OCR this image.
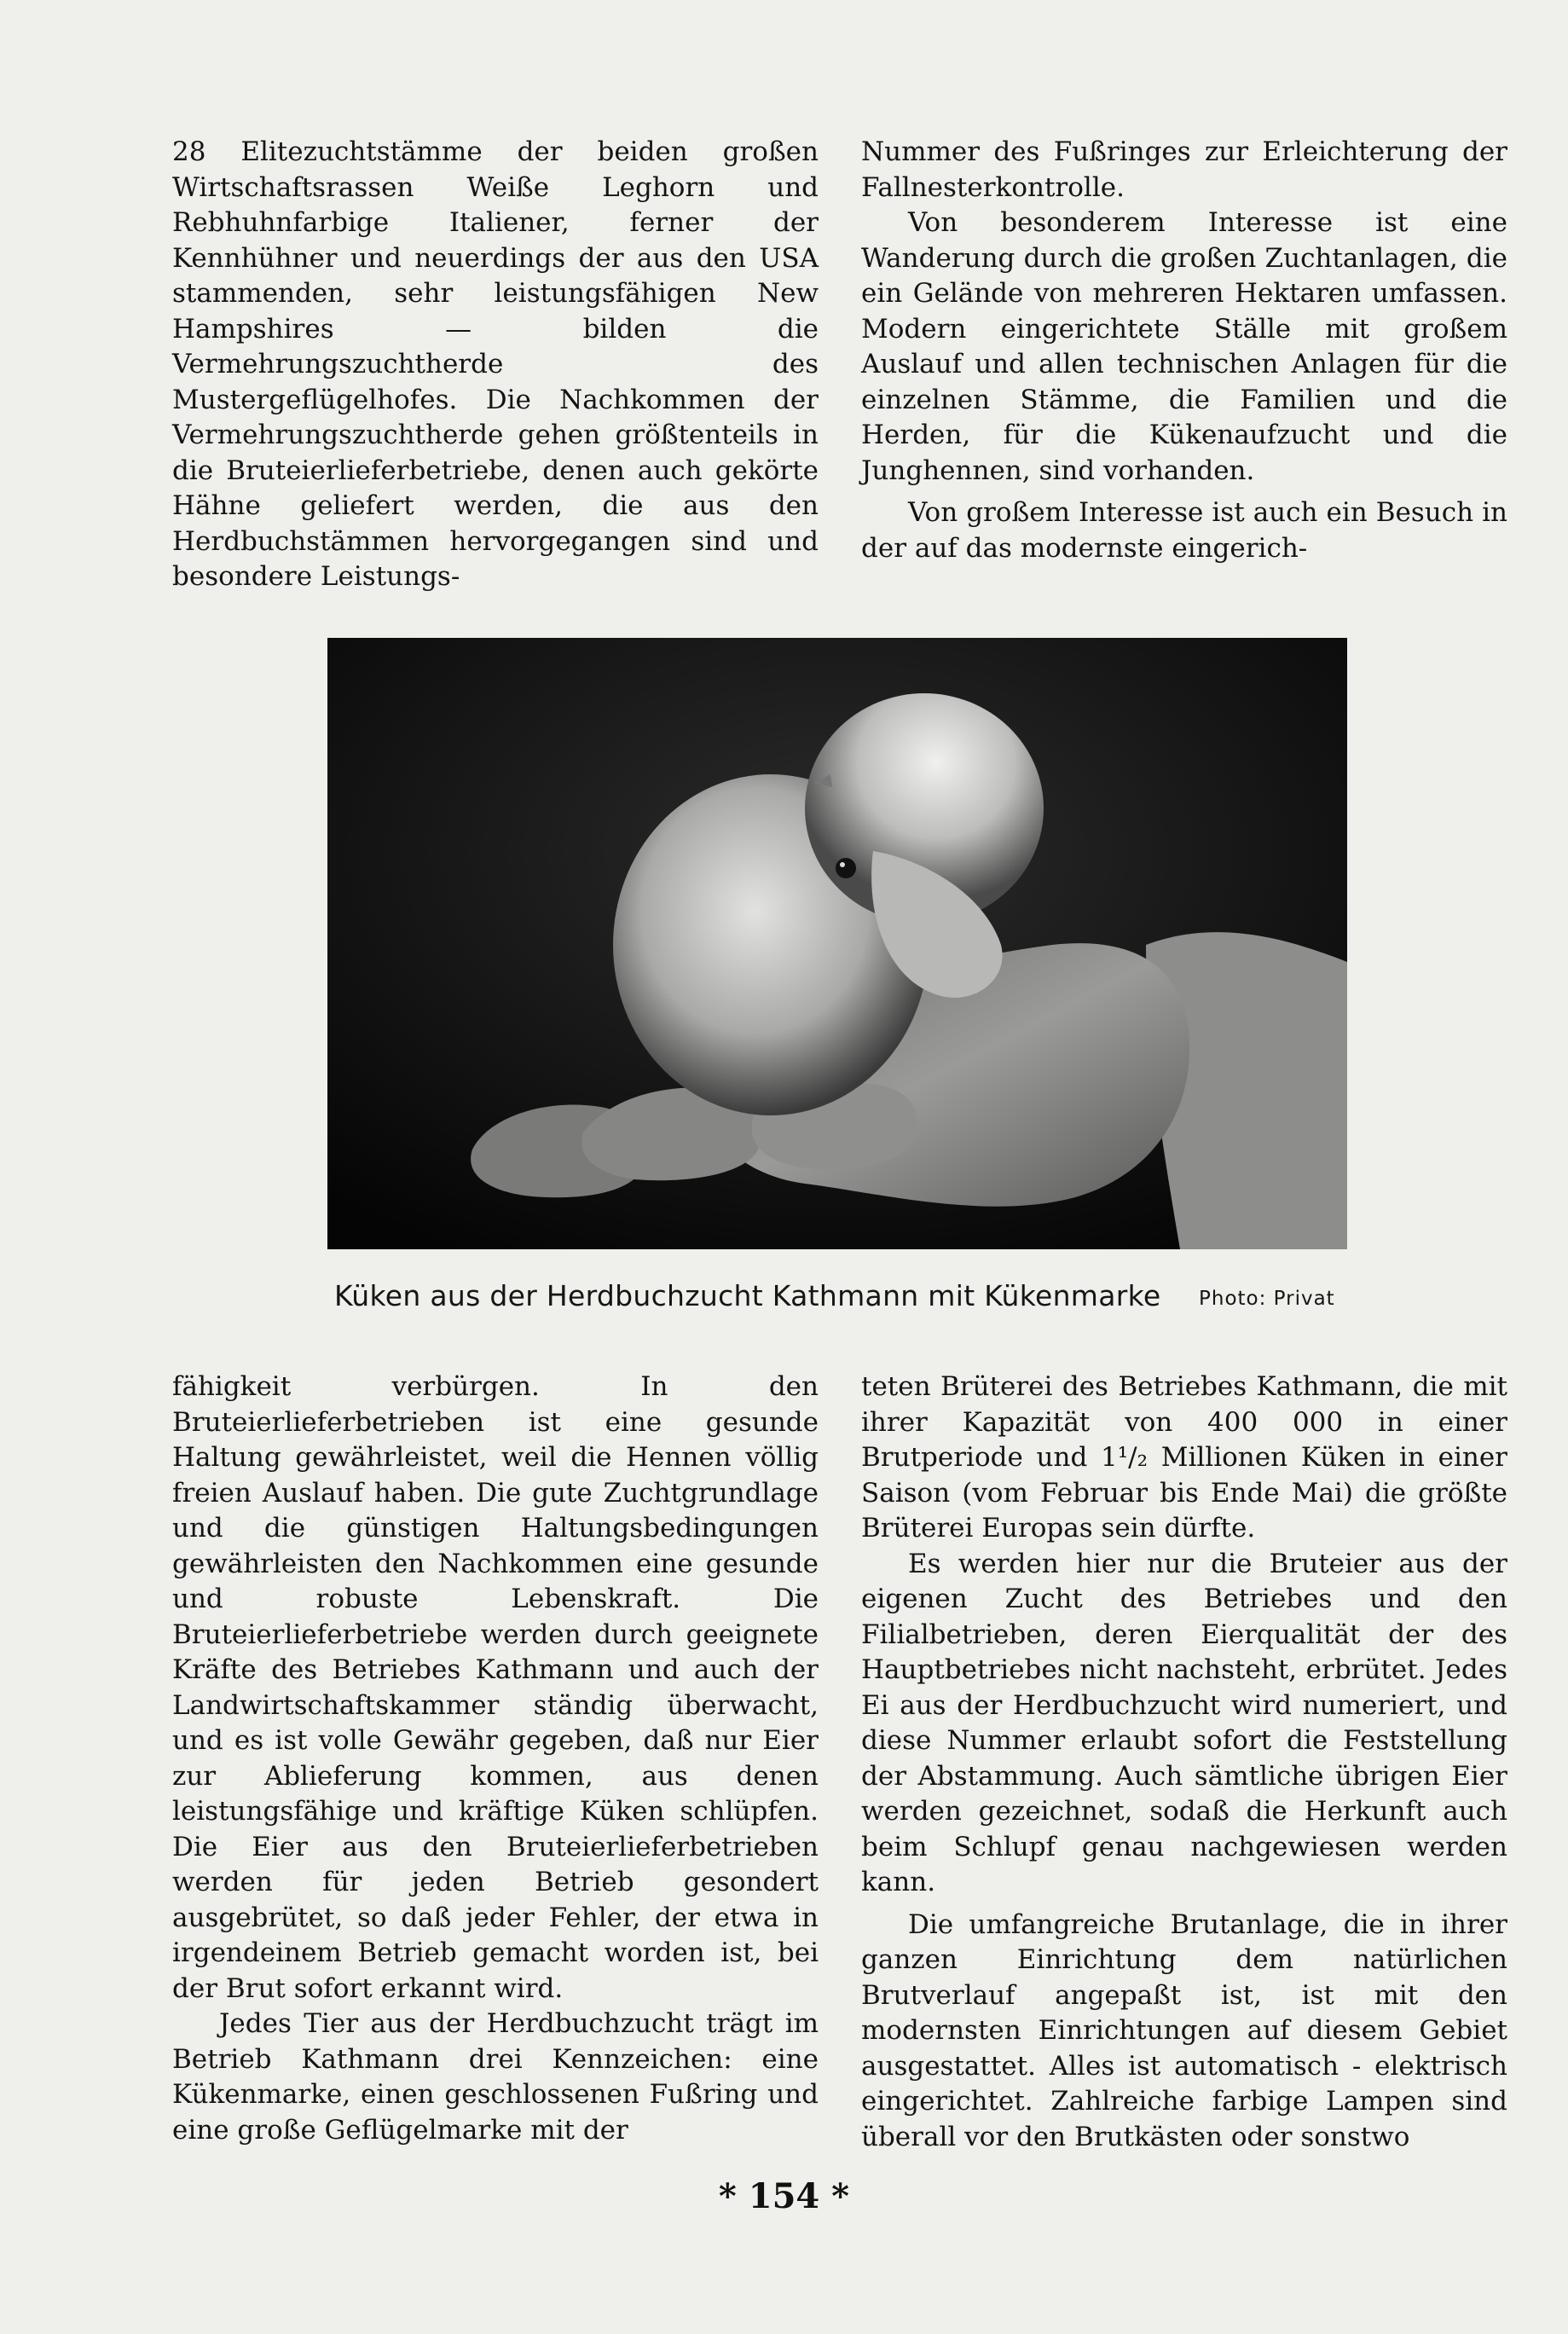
28 Elitezuchtstämme der beiden großen Wirtschaftsrassen Weiße Leghorn und Rebhuhnfarbige Italiener, ferner der Kennhühner und neuerdings der aus den USA stammenden, sehr leistungsfähigen New Hampshires — bilden die Vermehrungszuchtherde des Mustergeflügelhofes. Die Nachkommen der Vermehrungszuchtherde gehen größtenteils in die Bruteierlieferbetriebe, denen auch gekörte Hähne geliefert werden, die aus den Herdbuchstämmen hervorgegangen sind und besondere Leistungs-

Nummer des Fußringes zur Erleichterung der Fallnesterkontrolle.

Von besonderem Interesse ist eine Wanderung durch die großen Zuchtanlagen, die ein Gelände von mehreren Hektaren umfassen. Modern eingerichtete Ställe mit großem Auslauf und allen technischen Anlagen für die einzelnen Stämme, die Familien und die Herden, für die Kükenaufzucht und die Junghennen, sind vorhanden.

Von großem Interesse ist auch ein Besuch in der auf das modernste eingerich-

Küken aus der Herdbuchzucht Kathmann mit Kükenmarke Photo: Privat

fähigkeit verbürgen. In den Bruteierlieferbetrieben ist eine gesunde Haltung gewährleistet, weil die Hennen völlig freien Auslauf haben. Die gute Zuchtgrundlage und die günstigen Haltungsbedingungen gewährleisten den Nachkommen eine gesunde und robuste Lebenskraft. Die Bruteierlieferbetriebe werden durch geeignete Kräfte des Betriebes Kathmann und auch der Landwirtschaftskammer ständig überwacht, und es ist volle Gewähr gegeben, daß nur Eier zur Ablieferung kommen, aus denen leistungsfähige und kräftige Küken schlüpfen. Die Eier aus den Bruteierlieferbetrieben werden für jeden Betrieb gesondert ausgebrütet, so daß jeder Fehler, der etwa in irgendeinem Betrieb gemacht worden ist, bei der Brut sofort erkannt wird.

Jedes Tier aus der Herdbuchzucht trägt im Betrieb Kathmann drei Kennzeichen: eine Kükenmarke, einen geschlossenen Fußring und eine große Geflügelmarke mit der

teten Brüterei des Betriebes Kathmann, die mit ihrer Kapazität von 400 000 in einer Brutperiode und 1¹/₂ Millionen Küken in einer Saison (vom Februar bis Ende Mai) die größte Brüterei Europas sein dürfte.

Es werden hier nur die Bruteier aus der eigenen Zucht des Betriebes und den Filialbetrieben, deren Eierqualität der des Hauptbetriebes nicht nachsteht, erbrütet. Jedes Ei aus der Herdbuchzucht wird numeriert, und diese Nummer erlaubt sofort die Feststellung der Abstammung. Auch sämtliche übrigen Eier werden gezeichnet, sodaß die Herkunft auch beim Schlupf genau nachgewiesen werden kann.

Die umfangreiche Brutanlage, die in ihrer ganzen Einrichtung dem natürlichen Brutverlauf angepaßt ist, ist mit den modernsten Einrichtungen auf diesem Gebiet ausgestattet. Alles ist automatisch - elektrisch eingerichtet. Zahlreiche farbige Lampen sind überall vor den Brutkästen oder sonstwo

* 154 *
